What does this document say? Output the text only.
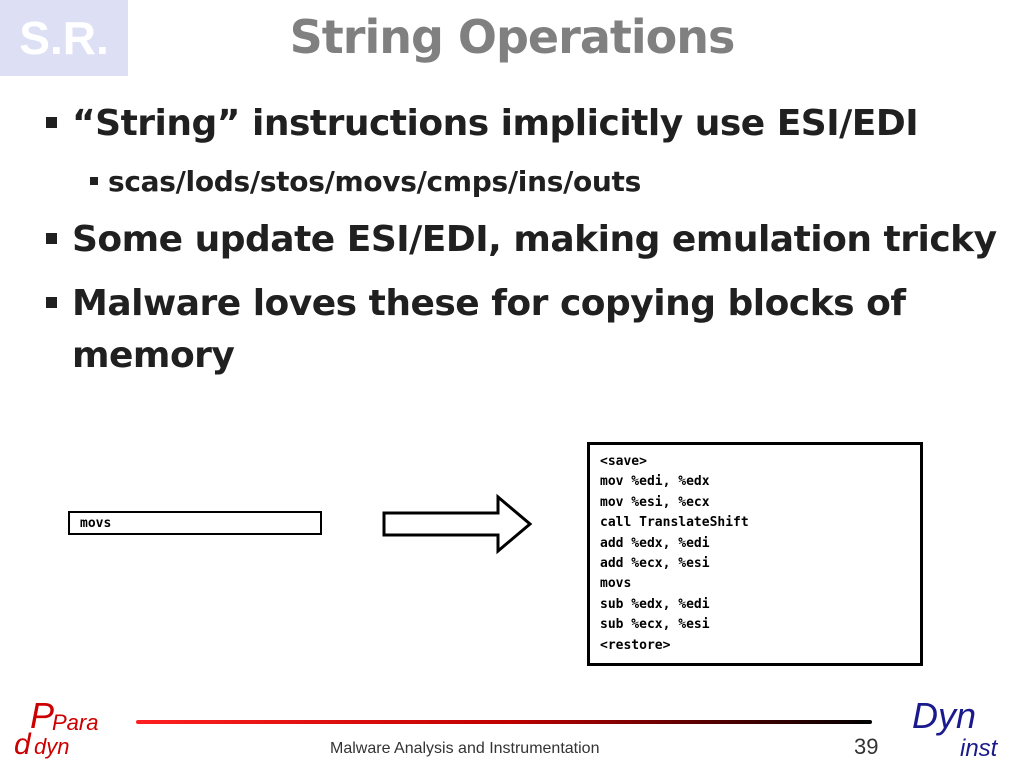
S.R.	String Operations
“String” instructions implicitly use ESI/EDI
scas/lods/stos/movs/cmps/ins/outs
Some update ESI/EDI, making emulation tricky
Malware loves these for copying blocks of memory
movs
<save>
mov %edi, %edx
mov %esi, %ecx
call TranslateShift
add %edx, %edi
add %ecx, %esi
movs
sub %edx, %edi
sub %ecx, %esi
<restore>
P
Para
d dyn	Malware Analysis and Instrumentation	39
Dyn
inst
